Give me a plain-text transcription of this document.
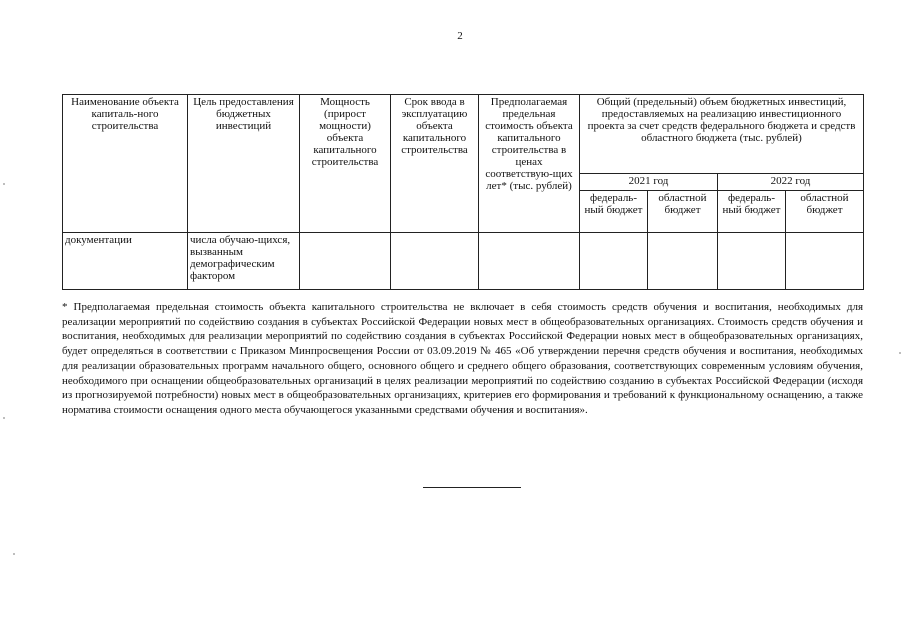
2
Наименование объекта капиталь-ного строительства	Цель предоставления бюджетных инвестиций	Мощность (прирост мощности) объекта капитального строительства	Срок ввода в эксплуатацию объекта капитального строительства	Предполагаемая предельная стоимость объекта капитального строительства в ценах соответствую-щих лет* (тыс. рублей)	Общий (предельный) объем бюджетных инвестиций, предоставляемых на реализацию инвестиционного проекта за счет средств федерального бюджета и средств областного бюджета (тыс. рублей)			
					2021 год		2022 год	
					федераль-ный бюджет	областной бюджет	федераль-ный бюджет	областной бюджет
документации	числа обучаю-щихся, вызванным демографическим фактором							

* Предполагаемая предельная стоимость объекта капитального строительства не включает в себя стоимость средств обучения и воспитания, необходимых для реализации мероприятий по содействию создания в субъектах Российской Федерации новых мест в общеобразовательных организациях. Стоимость средств обучения и воспитания, необходимых для реализации мероприятий по содействию создания в субъектах Российской Федерации новых мест в общеобразовательных организациях, будет определяться в соответствии с Приказом Минпросвещения России от 03.09.2019 № 465 «Об утверждении перечня средств обучения и воспитания, необходимых для реализации образовательных программ начального общего, основного общего и среднего общего образования, соответствующих современным условиям обучения, необходимого при оснащении общеобразовательных организаций в целях реализации мероприятий по содействию созданию в субъектах Российской Федерации (исходя из прогнозируемой потребности) новых мест в общеобразовательных организациях, критериев его формирования и требований к функциональному оснащению, а также норматива стоимости оснащения одного места обучающегося указанными средствами обучения и воспитания».
